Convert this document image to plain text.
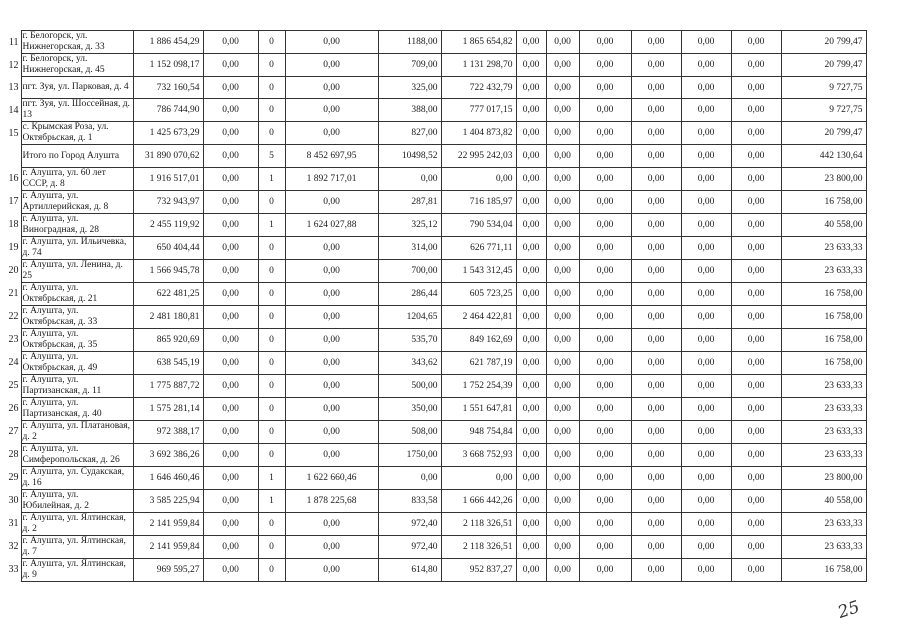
11	г. Белогорск, ул. Нижнегорская, д. 33	1 886 454,29	0,00	0	0,00	1188,00	1 865 654,82	0,00	0,00	0,00	0,00	0,00	0,00	20 799,47
12	г. Белогорск, ул. Нижнегорская, д. 45	1 152 098,17	0,00	0	0,00	709,00	1 131 298,70	0,00	0,00	0,00	0,00	0,00	0,00	20 799,47
13	пгт. Зуя, ул. Парковая, д. 4	732 160,54	0,00	0	0,00	325,00	722 432,79	0,00	0,00	0,00	0,00	0,00	0,00	9 727,75
14	пгт. Зуя, ул. Шоссейная, д. 13	786 744,90	0,00	0	0,00	388,00	777 017,15	0,00	0,00	0,00	0,00	0,00	0,00	9 727,75
15	с. Крымская Роза, ул. Октябрьская, д. 1	1 425 673,29	0,00	0	0,00	827,00	1 404 873,82	0,00	0,00	0,00	0,00	0,00	0,00	20 799,47
	Итого по Город Алушта	31 890 070,62	0,00	5	8 452 697,95	10498,52	22 995 242,03	0,00	0,00	0,00	0,00	0,00	0,00	442 130,64
16	г. Алушта, ул. 60 лет СССР, д. 8	1 916 517,01	0,00	1	1 892 717,01	0,00	0,00	0,00	0,00	0,00	0,00	0,00	0,00	23 800,00
17	г. Алушта, ул. Артиллерийская, д. 8	732 943,97	0,00	0	0,00	287,81	716 185,97	0,00	0,00	0,00	0,00	0,00	0,00	16 758,00
18	г. Алушта, ул. Виноградная, д. 28	2 455 119,92	0,00	1	1 624 027,88	325,12	790 534,04	0,00	0,00	0,00	0,00	0,00	0,00	40 558,00
19	г. Алушта, ул. Ильичевка, д. 74	650 404,44	0,00	0	0,00	314,00	626 771,11	0,00	0,00	0,00	0,00	0,00	0,00	23 633,33
20	г. Алушта, ул. Ленина, д. 25	1 566 945,78	0,00	0	0,00	700,00	1 543 312,45	0,00	0,00	0,00	0,00	0,00	0,00	23 633,33
21	г. Алушта, ул. Октябрьская, д. 21	622 481,25	0,00	0	0,00	286,44	605 723,25	0,00	0,00	0,00	0,00	0,00	0,00	16 758,00
22	г. Алушта, ул. Октябрьская, д. 33	2 481 180,81	0,00	0	0,00	1204,65	2 464 422,81	0,00	0,00	0,00	0,00	0,00	0,00	16 758,00
23	г. Алушта, ул. Октябрьская, д. 35	865 920,69	0,00	0	0,00	535,70	849 162,69	0,00	0,00	0,00	0,00	0,00	0,00	16 758,00
24	г. Алушта, ул. Октябрьская, д. 49	638 545,19	0,00	0	0,00	343,62	621 787,19	0,00	0,00	0,00	0,00	0,00	0,00	16 758,00
25	г. Алушта, ул. Партизанская, д. 11	1 775 887,72	0,00	0	0,00	500,00	1 752 254,39	0,00	0,00	0,00	0,00	0,00	0,00	23 633,33
26	г. Алушта, ул. Партизанская, д. 40	1 575 281,14	0,00	0	0,00	350,00	1 551 647,81	0,00	0,00	0,00	0,00	0,00	0,00	23 633,33
27	г. Алушта, ул. Платановая, д. 2	972 388,17	0,00	0	0,00	508,00	948 754,84	0,00	0,00	0,00	0,00	0,00	0,00	23 633,33
28	г. Алушта, ул. Симферопольская, д. 26	3 692 386,26	0,00	0	0,00	1750,00	3 668 752,93	0,00	0,00	0,00	0,00	0,00	0,00	23 633,33
29	г. Алушта, ул. Судакская, д. 16	1 646 460,46	0,00	1	1 622 660,46	0,00	0,00	0,00	0,00	0,00	0,00	0,00	0,00	23 800,00
30	г. Алушта, ул. Юбилейная, д. 2	3 585 225,94	0,00	1	1 878 225,68	833,58	1 666 442,26	0,00	0,00	0,00	0,00	0,00	0,00	40 558,00
31	г. Алушта, ул. Ялтинская, д. 2	2 141 959,84	0,00	0	0,00	972,40	2 118 326,51	0,00	0,00	0,00	0,00	0,00	0,00	23 633,33
32	г. Алушта, ул. Ялтинская, д. 7	2 141 959,84	0,00	0	0,00	972,40	2 118 326,51	0,00	0,00	0,00	0,00	0,00	0,00	23 633,33
33	г. Алушта, ул. Ялтинская, д. 9	969 595,27	0,00	0	0,00	614,80	952 837,27	0,00	0,00	0,00	0,00	0,00	0,00	16 758,00
25
